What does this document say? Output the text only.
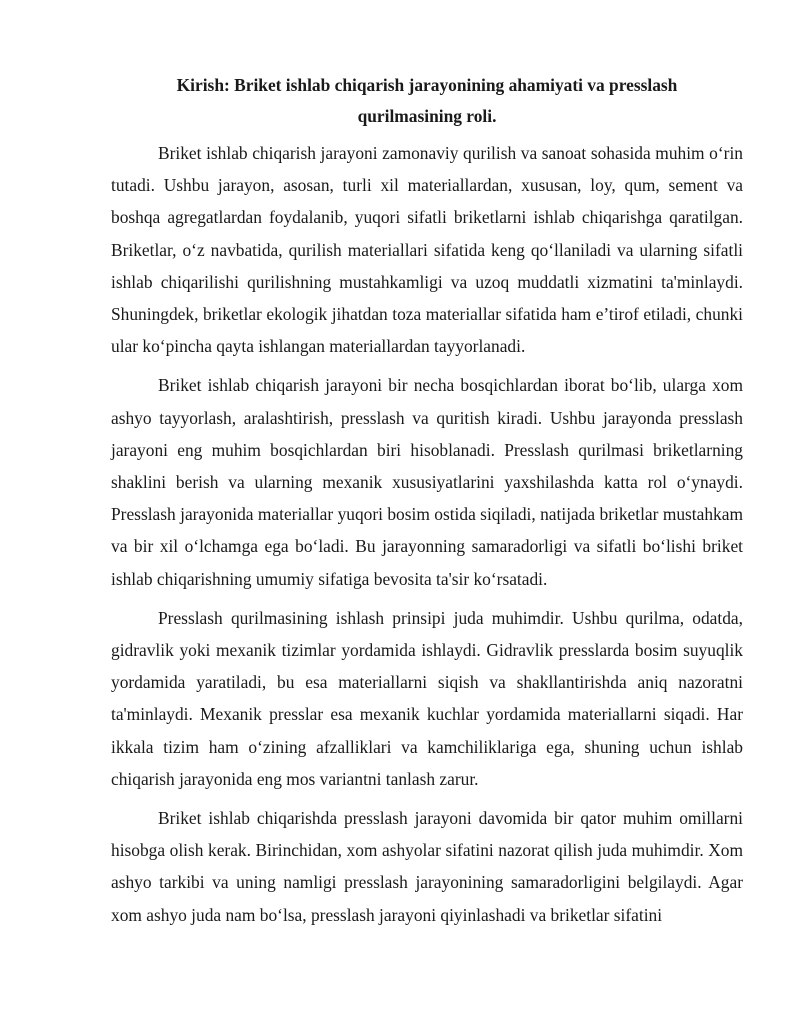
Kirish: Briket ishlab chiqarish jarayonining ahamiyati va presslash qurilmasining roli.

Briket ishlab chiqarish jarayoni zamonaviy qurilish va sanoat sohasida muhim o‘rin tutadi. Ushbu jarayon, asosan, turli xil materiallardan, xususan, loy, qum, sement va boshqa agregatlardan foydalanib, yuqori sifatli briketlarni ishlab chiqarishga qaratilgan. Briketlar, o‘z navbatida, qurilish materiallari sifatida keng qo‘llaniladi va ularning sifatli ishlab chiqarilishi qurilishning mustahkamligi va uzoq muddatli xizmatini ta'minlaydi. Shuningdek, briketlar ekologik jihatdan toza materiallar sifatida ham e’tirof etiladi, chunki ular ko‘pincha qayta ishlangan materiallardan tayyorlanadi.

Briket ishlab chiqarish jarayoni bir necha bosqichlardan iborat bo‘lib, ularga xom ashyo tayyorlash, aralashtirish, presslash va quritish kiradi. Ushbu jarayonda presslash jarayoni eng muhim bosqichlardan biri hisoblanadi. Presslash qurilmasi briketlarning shaklini berish va ularning mexanik xususiyatlarini yaxshilashda katta rol o‘ynaydi. Presslash jarayonida materiallar yuqori bosim ostida siqiladi, natijada briketlar mustahkam va bir xil o‘lchamga ega bo‘ladi. Bu jarayonning samaradorligi va sifatli bo‘lishi briket ishlab chiqarishning umumiy sifatiga bevosita ta'sir ko‘rsatadi.

Presslash qurilmasining ishlash prinsipi juda muhimdir. Ushbu qurilma, odatda, gidravlik yoki mexanik tizimlar yordamida ishlaydi. Gidravlik presslarda bosim suyuqlik yordamida yaratiladi, bu esa materiallarni siqish va shakllantirishda aniq nazoratni ta'minlaydi. Mexanik presslar esa mexanik kuchlar yordamida materiallarni siqadi. Har ikkala tizim ham o‘zining afzalliklari va kamchiliklariga ega, shuning uchun ishlab chiqarish jarayonida eng mos variantni tanlash zarur.

Briket ishlab chiqarishda presslash jarayoni davomida bir qator muhim omillarni hisobga olish kerak. Birinchidan, xom ashyolar sifatini nazorat qilish juda muhimdir. Xom ashyo tarkibi va uning namligi presslash jarayonining samaradorligini belgilaydi. Agar xom ashyo juda nam bo‘lsa, presslash jarayoni qiyinlashadi va briketlar sifatini
